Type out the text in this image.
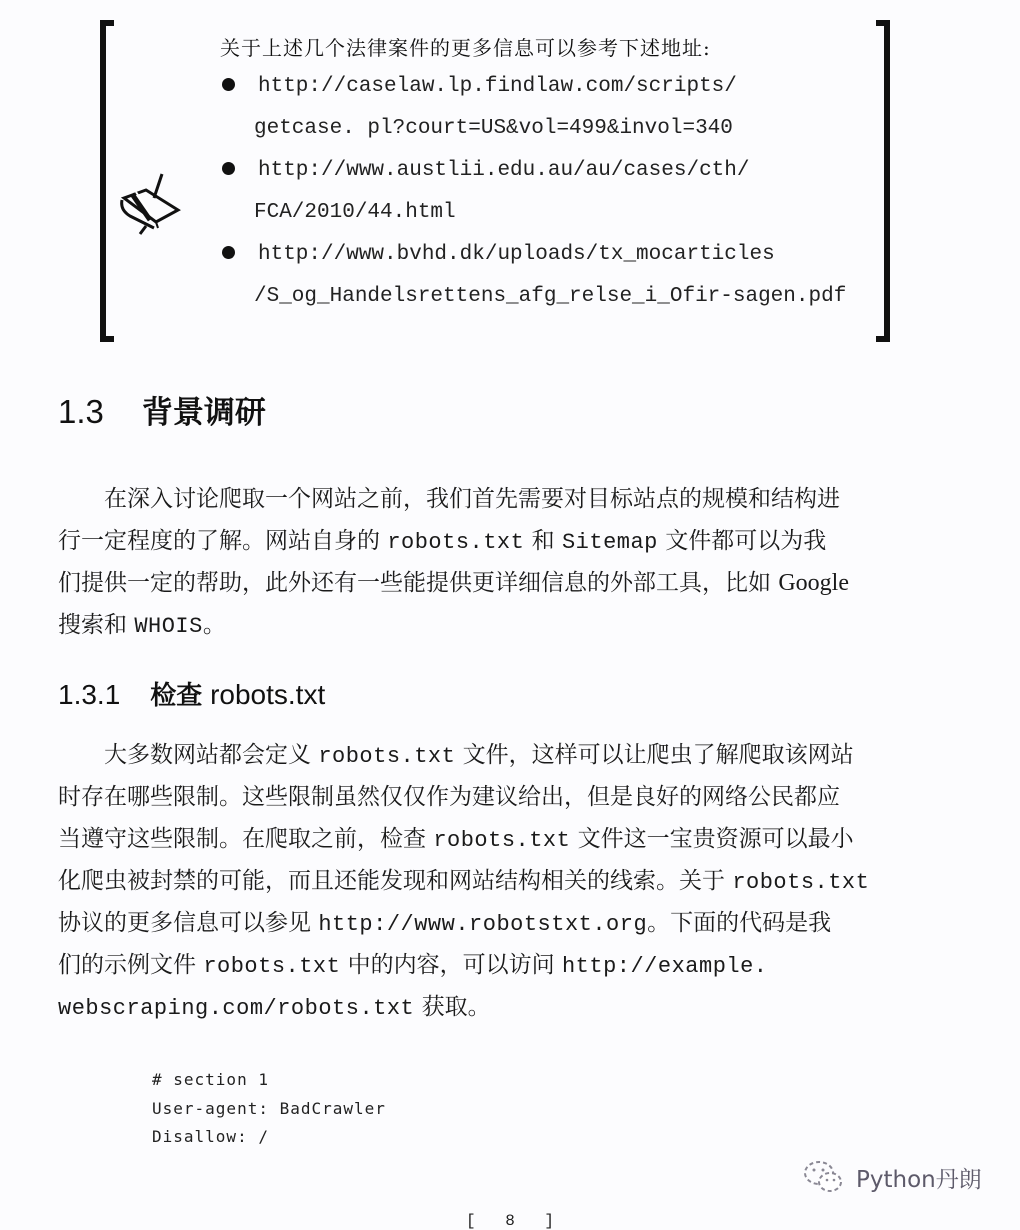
关于上述几个法律案件的更多信息可以参考下述地址:
http://caselaw.lp.findlaw.com/scripts/
getcase. pl?court=US&vol=499&invol=340
http://www.austlii.edu.au/au/cases/cth/
FCA/2010/44.html
http://www.bvhd.dk/uploads/tx_mocarticles
/S_og_Handelsrettens_afg_relse_i_Ofir-sagen.pdf
1.3 背景调研
在深入讨论爬取一个网站之前，我们首先需要对目标站点的规模和结构进
行一定程度的了解。网站自身的 robots.txt 和 Sitemap 文件都可以为我
们提供一定的帮助，此外还有一些能提供更详细信息的外部工具，比如 Google
搜索和 WHOIS。
1.3.1 检查 robots.txt
大多数网站都会定义 robots.txt 文件，这样可以让爬虫了解爬取该网站
时存在哪些限制。这些限制虽然仅仅作为建议给出，但是良好的网络公民都应
当遵守这些限制。在爬取之前，检查 robots.txt 文件这一宝贵资源可以最小
化爬虫被封禁的可能，而且还能发现和网站结构相关的线索。关于 robots.txt
协议的更多信息可以参见 http://www.robotstxt.org。下面的代码是我
们的示例文件 robots.txt 中的内容，可以访问 http://example.
webscraping.com/robots.txt 获取。
# section 1
User-agent: BadCrawler
Disallow: /
Python丹朗
[ 8 ]
